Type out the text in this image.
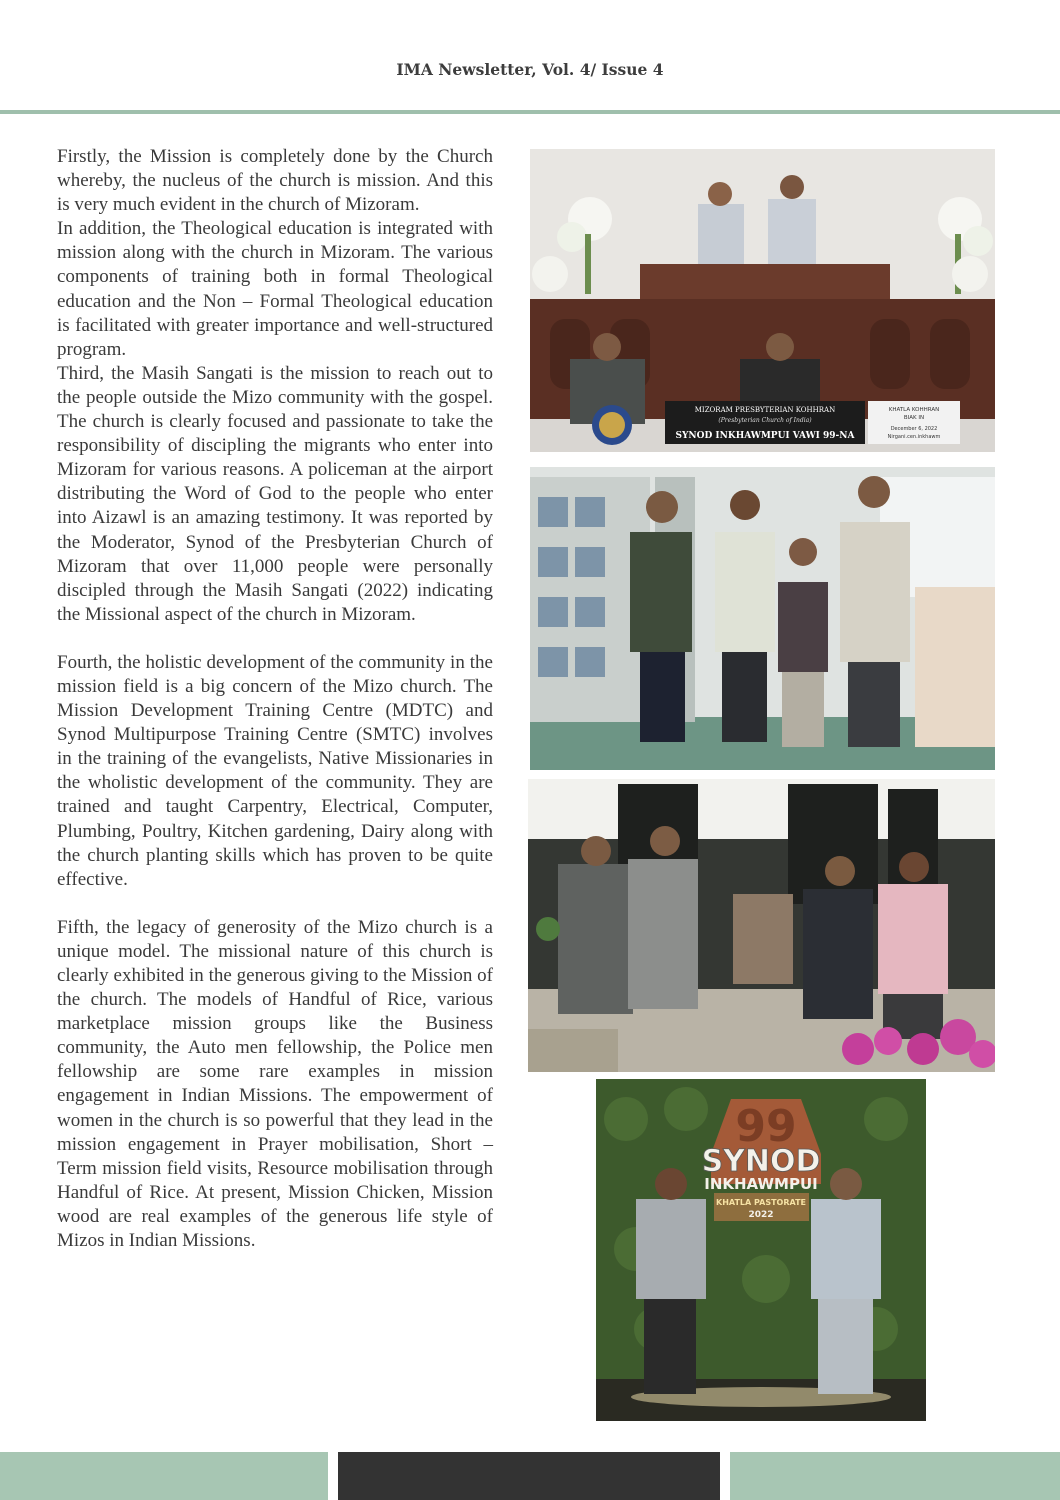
IMA Newsletter, Vol. 4/ Issue 4

Firstly, the Mission is completely done by the Church whereby, the nucleus of the church is mission. And this is very much evident in the church of Mizoram.

In addition, the Theological education is integrated with mission along with the church in Mizoram. The various components of training both in formal Theological education and the Non – Formal Theological education is facilitated with greater importance and well-structured program.

Third, the Masih Sangati is the mission to reach out to the people outside the Mizo community with the gospel. The church is clearly focused and passionate to take the responsibility of discipling the migrants who enter into Mizoram for various reasons. A policeman at the airport distributing the Word of God to the people who enter into Aizawl is an amazing testimony. It was reported by the Moderator, Synod of the Presbyterian Church of Mizoram that over 11,000 people were personally discipled through the Masih Sangati (2022) indicating the Missional aspect of the church in Mizoram.

Fourth, the holistic development of the community in the mission field is a big concern of the Mizo church. The Mission Development Training Centre (MDTC) and Synod Multipurpose Training Centre (SMTC) involves in the training of the evangelists, Native Missionaries in the wholistic development of the community. They are trained and taught Carpentry, Electrical, Computer, Plumbing, Poultry, Kitchen gardening, Dairy along with the church planting skills which has proven to be quite effective.

Fifth, the legacy of generosity of the Mizo church is a unique model. The missional nature of this church is clearly exhibited in the generous giving to the Mission of the church. The models of Handful of Rice, various marketplace mission groups like the Business community, the Auto men fellowship, the Police men fellowship are some rare examples in mission engagement in Indian Missions. The empowerment of women in the church is so powerful that they lead in the mission engagement in Prayer mobilisation, Short – Term mission field visits, Resource mobilisation through Handful of Rice. At present, Mission Chicken, Mission wood are real examples of the generous life style of Mizos in Indian Missions.

MIZORAM PRESBYTERIAN KOHHRAN
(Presbyterian Church of India)
SYNOD INKHAWMPUI VAWI 99-NA
KHATLA KOHHRAN
BIAK IN
December 6, 2022
Nirgani.cen.inkhawm
99
SYNOD
INKHAWMPUI
KHATLA PASTORATE
2022
